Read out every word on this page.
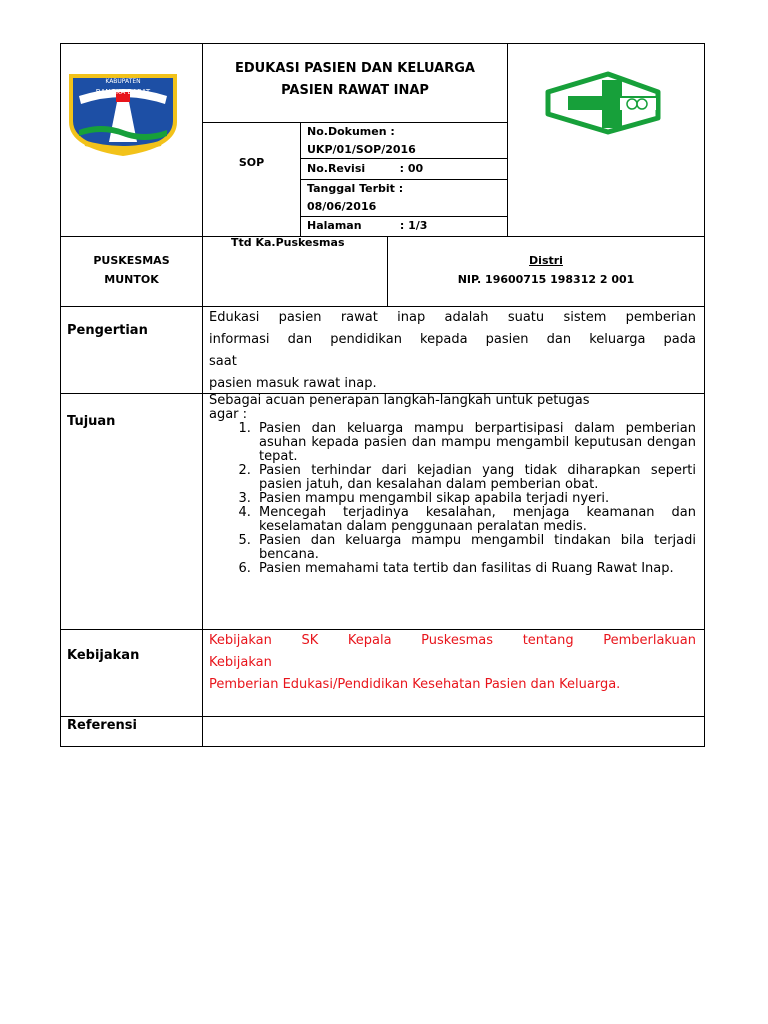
KABUPATEN
BANGKA BARAT
EDUKASI PASIEN DAN KELUARGA
PASIEN RAWAT INAP
SOP
No.Dokumen :
UKP/01/SOP/2016
No.Revisi         : 00
Tanggal Terbit :
08/06/2016
Halaman          : 1/3
PUSKESMAS
MUNTOK
Ttd Ka.Puskesmas
Distri
NIP. 19600715 198312 2 001
Pengertian
Edukasi pasien rawat inap adalah suatu sistem pemberian
informasi dan pendidikan kepada pasien dan keluarga pada
saat
pasien masuk rawat inap.
Tujuan
Sebagai acuan penerapan langkah-langkah untuk petugas
agar :
1. Pasien dan keluarga mampu berpartisipasi dalam pemberian asuhan kepada pasien dan mampu mengambil keputusan dengan tepat.
2. Pasien terhindar dari kejadian yang tidak diharapkan seperti pasien jatuh, dan kesalahan dalam pemberian obat.
3. Pasien mampu mengambil sikap apabila terjadi nyeri.
4. Mencegah terjadinya kesalahan, menjaga keamanan dan keselamatan dalam penggunaan peralatan medis.
5. Pasien dan keluarga mampu mengambil tindakan bila terjadi bencana.
6. Pasien memahami tata tertib dan fasilitas di Ruang Rawat Inap.
Kebijakan
Kebijakan SK Kepala Puskesmas tentang Pemberlakuan
Kebijakan
Pemberian Edukasi/Pendidikan Kesehatan Pasien dan Keluarga.
Referensi
